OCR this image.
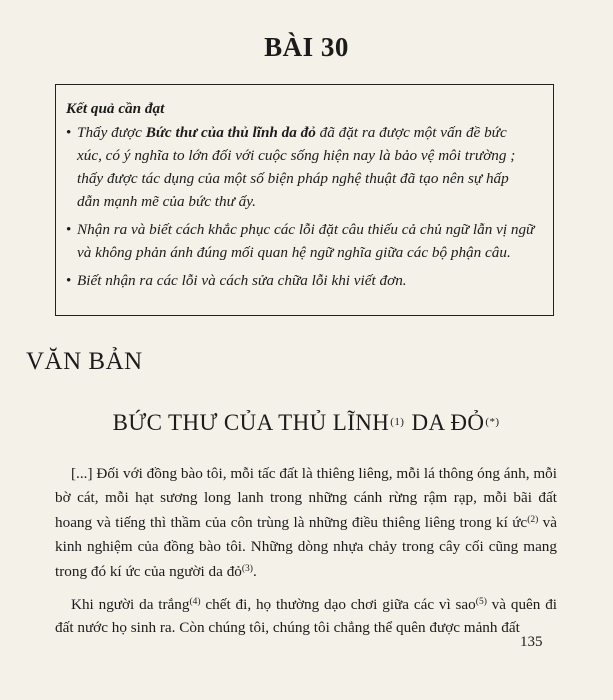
BÀI 30
Kết quả cần đạt
• Thấy được Bức thư của thủ lĩnh da đỏ đã đặt ra được một vấn đề bức xúc, có ý nghĩa to lớn đối với cuộc sống hiện nay là bảo vệ môi trường ; thấy được tác dụng của một số biện pháp nghệ thuật đã tạo nên sự hấp dẫn mạnh mẽ của bức thư ấy.
• Nhận ra và biết cách khắc phục các lỗi đặt câu thiếu cả chủ ngữ lẫn vị ngữ và không phản ánh đúng mối quan hệ ngữ nghĩa giữa các bộ phận câu.
• Biết nhận ra các lỗi và cách sửa chữa lỗi khi viết đơn.
VĂN BẢN
BỨC THƯ CỦA THỦ LĨNH$^{(1)}$ DA ĐỎ(*)

[...] Đối với đồng bào tôi, mỗi tấc đất là thiêng liêng, mỗi lá thông óng ánh, mỗi bờ cát, mỗi hạt sương long lanh trong những cánh rừng rậm rạp, mỗi bãi đất hoang và tiếng thì thầm của côn trùng là những điều thiêng liêng trong kí ức$^{(2)}$ và kinh nghiệm của đồng bào tôi. Những dòng nhựa chảy trong cây cối cũng mang trong đó kí ức của người da đỏ$^{(3)}$.

Khi người da trắng$^{(4)}$ chết đi, họ thường dạo chơi giữa các vì sao$^{(5)}$ và quên đi đất nước họ sinh ra. Còn chúng tôi, chúng tôi chẳng thể quên được mảnh đất

135
